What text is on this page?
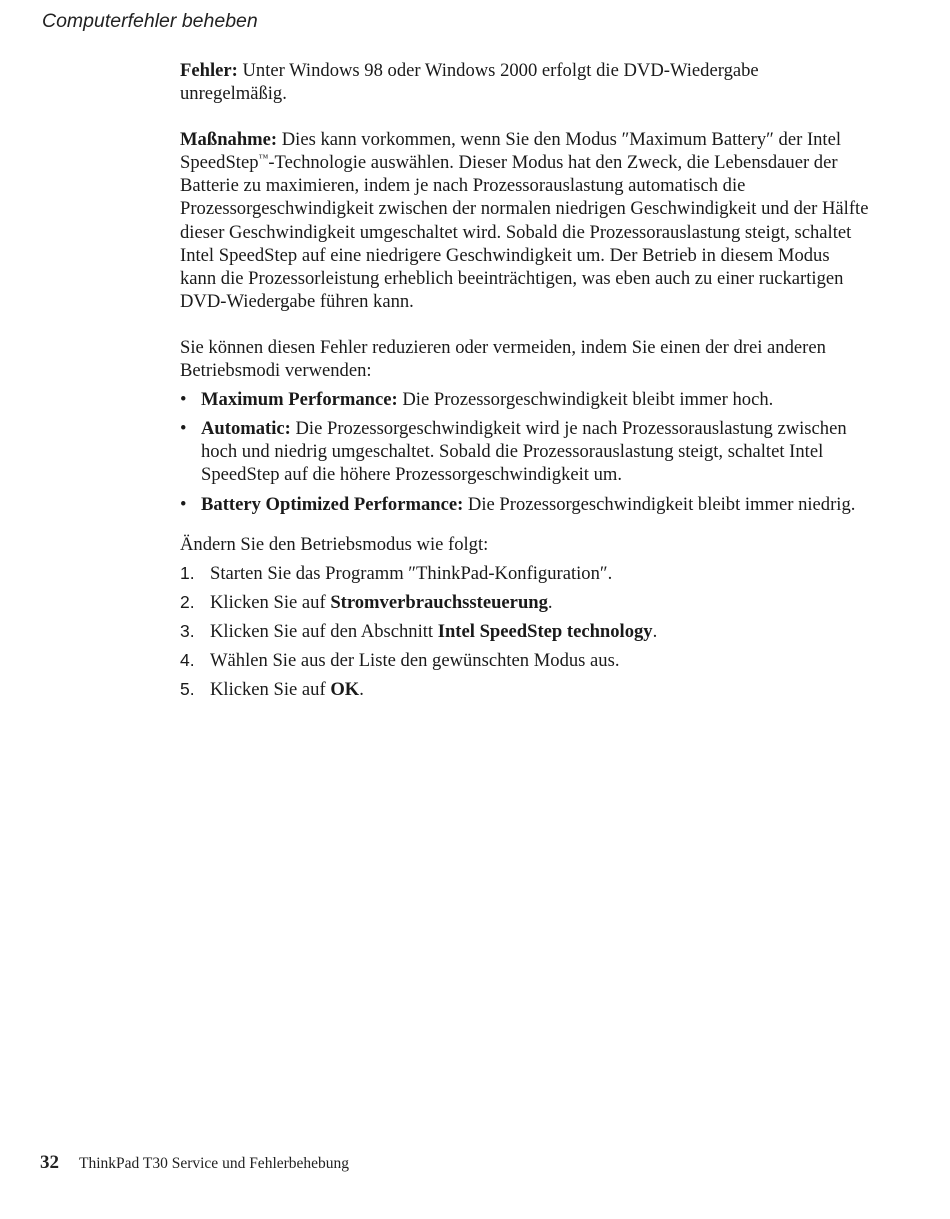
Computerfehler beheben

Fehler: Unter Windows 98 oder Windows 2000 erfolgt die DVD-Wiedergabe unregelmäßig.

Maßnahme: Dies kann vorkommen, wenn Sie den Modus ″Maximum Battery″ der Intel SpeedStep™-Technologie auswählen. Dieser Modus hat den Zweck, die Lebensdauer der Batterie zu maximieren, indem je nach Prozessorauslastung automatisch die Prozessorgeschwindigkeit zwischen der normalen niedrigen Geschwindigkeit und der Hälfte dieser Geschwindigkeit umgeschaltet wird. Sobald die Prozessorauslastung steigt, schaltet Intel SpeedStep auf eine niedrigere Geschwindigkeit um. Der Betrieb in diesem Modus kann die Prozessorleistung erheblich beeinträchtigen, was eben auch zu einer ruckartigen DVD-Wiedergabe führen kann.

Sie können diesen Fehler reduzieren oder vermeiden, indem Sie einen der drei anderen Betriebsmodi verwenden:

• Maximum Performance: Die Prozessorgeschwindigkeit bleibt immer hoch.
• Automatic: Die Prozessorgeschwindigkeit wird je nach Prozessorauslastung zwischen hoch und niedrig umgeschaltet. Sobald die Prozessorauslastung steigt, schaltet Intel SpeedStep auf die höhere Prozessorgeschwindigkeit um.
• Battery Optimized Performance: Die Prozessorgeschwindigkeit bleibt immer niedrig.

Ändern Sie den Betriebsmodus wie folgt:

1. Starten Sie das Programm ″ThinkPad-Konfiguration″.
2. Klicken Sie auf Stromverbrauchssteuerung.
3. Klicken Sie auf den Abschnitt Intel SpeedStep technology.
4. Wählen Sie aus der Liste den gewünschten Modus aus.
5. Klicken Sie auf OK.
32 ThinkPad T30 Service und Fehlerbehebung
